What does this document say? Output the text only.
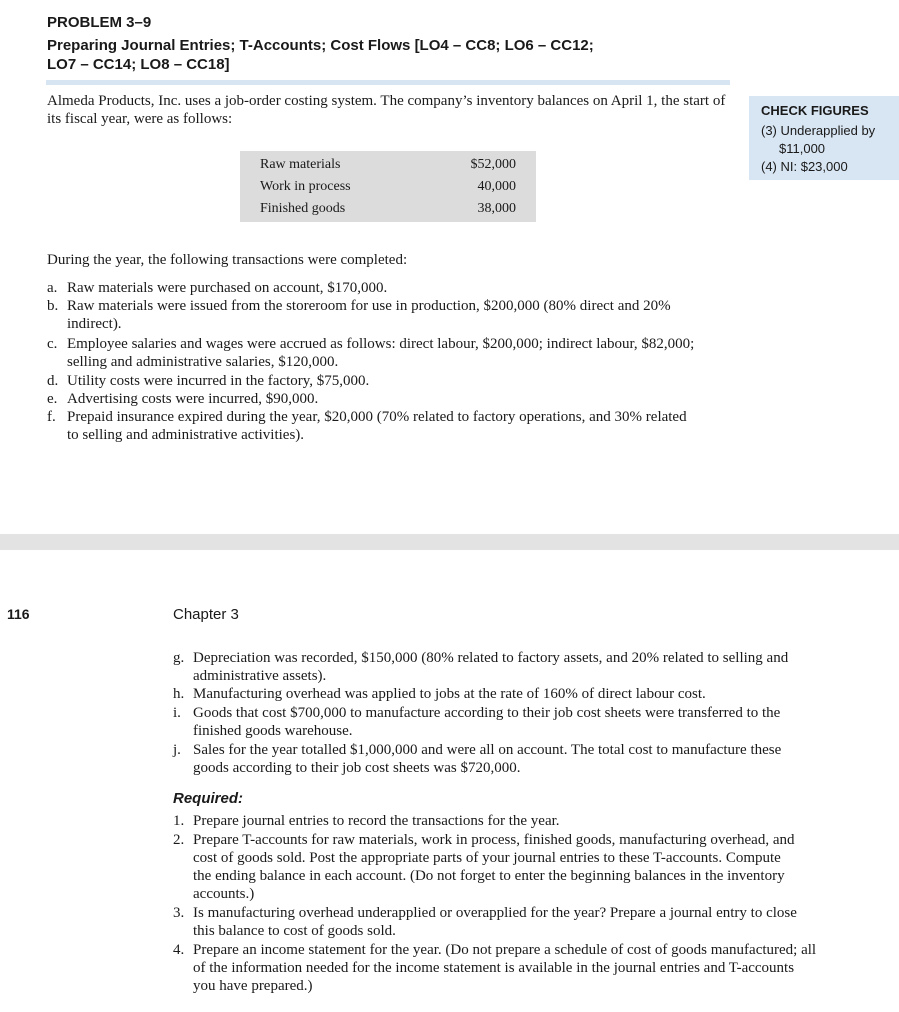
PROBLEM 3–9
Preparing Journal Entries; T-Accounts; Cost Flows [LO4 – CC8; LO6 – CC12;
LO7 – CC14; LO8 – CC18]
Almeda Products, Inc. uses a job-order costing system. The company’s inventory balances on April 1, the start of its fiscal year, were as follows:
CHECK FIGURES
(3) Underapplied by
$11,000
(4) NI: $23,000
Raw materials	$52,000
Work in process	40,000
Finished goods	38,000
During the year, the following transactions were completed:
a. Raw materials were purchased on account, $170,000.
b. Raw materials were issued from the storeroom for use in production, $200,000 (80% direct and 20%
indirect).
c. Employee salaries and wages were accrued as follows: direct labour, $200,000; indirect labour, $82,000;
selling and administrative salaries, $120,000.
d. Utility costs were incurred in the factory, $75,000.
e. Advertising costs were incurred, $90,000.
f. Prepaid insurance expired during the year, $20,000 (70% related to factory operations, and 30% related
to selling and administrative activities).
116	Chapter 3
g. Depreciation was recorded, $150,000 (80% related to factory assets, and 20% related to selling and
administrative assets).
h. Manufacturing overhead was applied to jobs at the rate of 160% of direct labour cost.
i. Goods that cost $700,000 to manufacture according to their job cost sheets were transferred to the
finished goods warehouse.
j. Sales for the year totalled $1,000,000 and were all on account. The total cost to manufacture these
goods according to their job cost sheets was $720,000.
Required:
1. Prepare journal entries to record the transactions for the year.
2. Prepare T-accounts for raw materials, work in process, finished goods, manufacturing overhead, and
cost of goods sold. Post the appropriate parts of your journal entries to these T-accounts. Compute
the ending balance in each account. (Do not forget to enter the beginning balances in the inventory
accounts.)
3. Is manufacturing overhead underapplied or overapplied for the year? Prepare a journal entry to close
this balance to cost of goods sold.
4. Prepare an income statement for the year. (Do not prepare a schedule of cost of goods manufactured; all
of the information needed for the income statement is available in the journal entries and T-accounts
you have prepared.)
